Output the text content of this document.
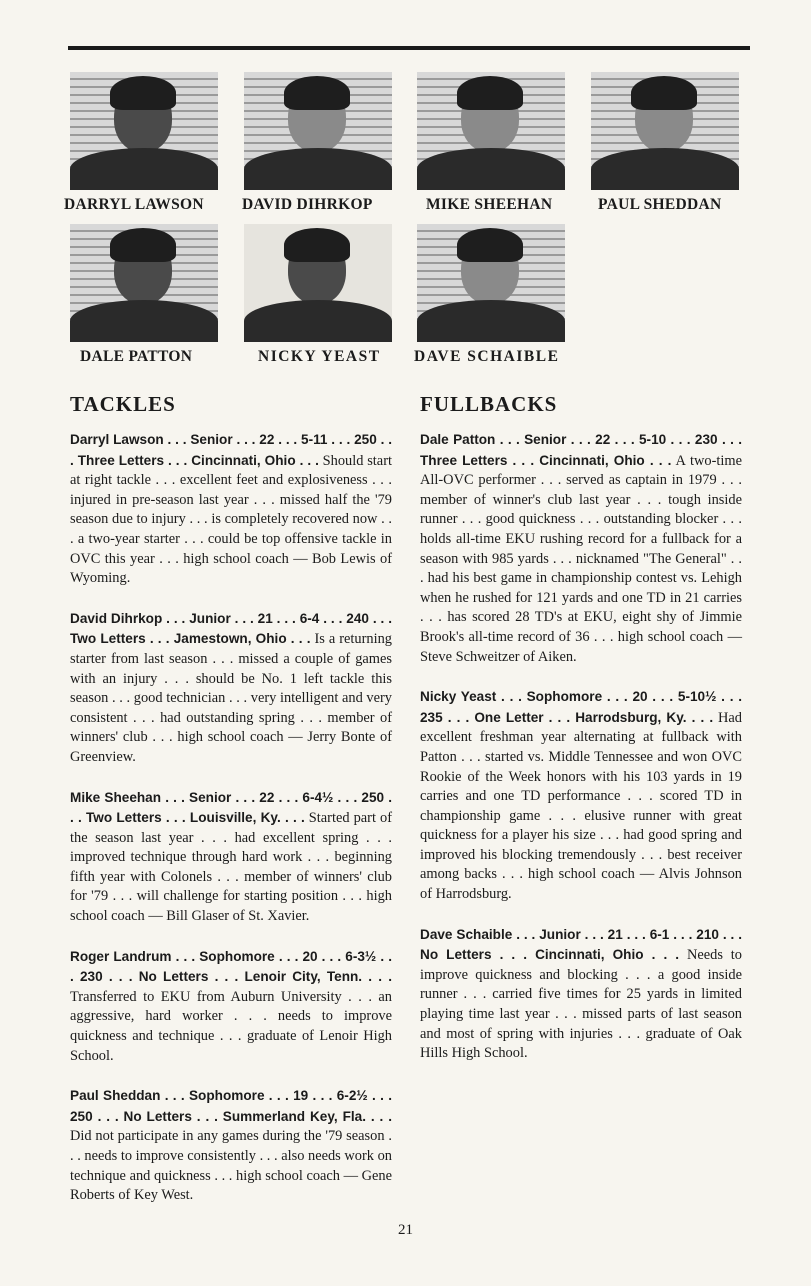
DARRYL LAWSON DAVID DIHRKOP	MIKE SHEEHAN	PAUL SHEDDAN
DALE PATTON	NICKY YEAST DAVE SCHAIBLE
TACKLES	FULLBACKS

Darryl Lawson . . . Senior . . . 22 . . . 5-11 . . . 250 . . . Three Letters . . . Cincinnati, Ohio . . . Should start at right tackle . . . excellent feet and explosiveness . . . injured in pre-season last year . . . missed half the '79 season due to injury . . . is completely recovered now . . . a two-year starter . . . could be top offensive tackle in OVC this year . . . high school coach — Bob Lewis of Wyoming.

David Dihrkop . . . Junior . . . 21 . . . 6-4 . . . 240 . . . Two Letters . . . Jamestown, Ohio . . . Is a returning starter from last season . . . missed a couple of games with an injury . . . should be No. 1 left tackle this season . . . good technician . . . very intelligent and very consistent . . . had outstanding spring . . . member of winners' club . . . high school coach — Jerry Bonte of Greenview.

Mike Sheehan . . . Senior . . . 22 . . . 6-4½ . . . 250 . . . Two Letters . . . Louisville, Ky. . . . Started part of the season last year . . . had excellent spring . . . improved technique through hard work . . . beginning fifth year with Colonels . . . member of winners' club for '79 . . . will challenge for starting position . . . high school coach — Bill Glaser of St. Xavier.

Roger Landrum . . . Sophomore . . . 20 . . . 6-3½ . . . 230 . . . No Letters . . . Lenoir City, Tenn. . . . Transferred to EKU from Auburn University . . . an aggressive, hard worker . . . needs to improve quickness and technique . . . graduate of Lenoir High School.

Paul Sheddan . . . Sophomore . . . 19 . . . 6-2½ . . . 250 . . . No Letters . . . Summerland Key, Fla. . . . Did not participate in any games during the '79 season . . . needs to improve consistently . . . also needs work on technique and quickness . . . high school coach — Gene Roberts of Key West.

Dale Patton . . . Senior . . . 22 . . . 5-10 . . . 230 . . . Three Letters . . . Cincinnati, Ohio . . . A two-time All-OVC performer . . . served as captain in 1979 . . . member of winner's club last year . . . tough inside runner . . . good quickness . . . outstanding blocker . . . holds all-time EKU rushing record for a fullback for a season with 985 yards . . . nicknamed "The General" . . . had his best game in championship contest vs. Lehigh when he rushed for 121 yards and one TD in 21 carries . . . has scored 28 TD's at EKU, eight shy of Jimmie Brook's all-time record of 36 . . . high school coach — Steve Schweitzer of Aiken.

Nicky Yeast . . . Sophomore . . . 20 . . . 5-10½ . . . 235 . . . One Letter . . . Harrodsburg, Ky. . . . Had excellent freshman year alternating at fullback with Patton . . . started vs. Middle Tennessee and won OVC Rookie of the Week honors with his 103 yards in 19 carries and one TD performance . . . scored TD in championship game . . . elusive runner with great quickness for a player his size . . . had good spring and improved his blocking tremendously . . . best receiver among backs . . . high school coach — Alvis Johnson of Harrodsburg.

Dave Schaible . . . Junior . . . 21 . . . 6-1 . . . 210 . . . No Letters . . . Cincinnati, Ohio . . . Needs to improve quickness and blocking . . . a good inside runner . . . carried five times for 25 yards in limited playing time last year . . . missed parts of last season and most of spring with injuries . . . graduate of Oak Hills High School.

21
